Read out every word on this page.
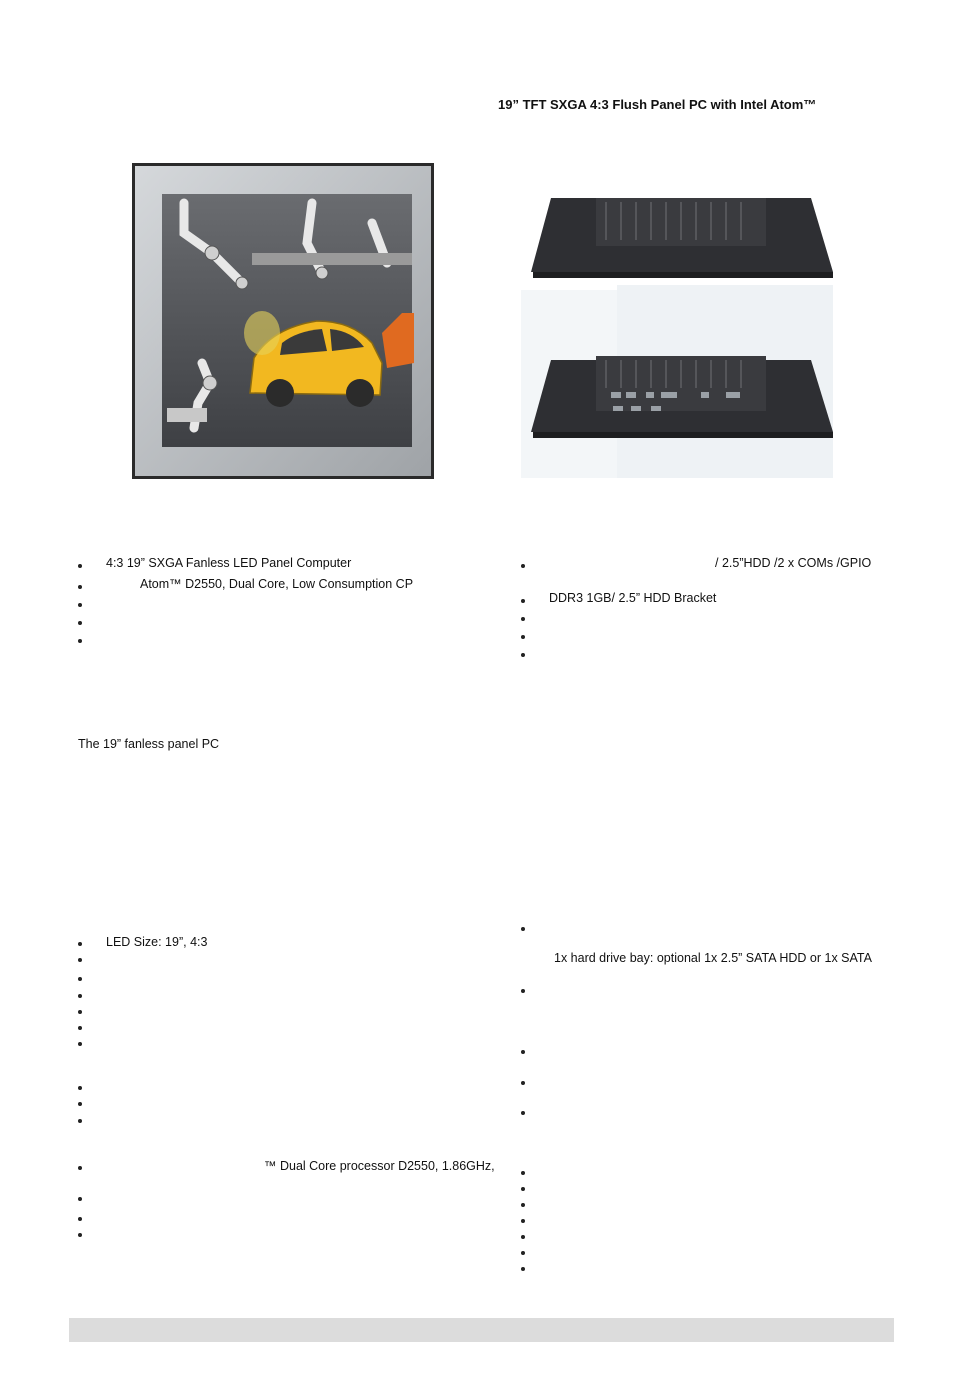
19” TFT SXGA 4:3 Flush Panel PC with Intel Atom™
4:3 19” SXGA Fanless LED Panel Computer
Atom™ D2550, Dual Core, Low Consumption CP
/ 2.5”HDD /2 x COMs /GPIO
DDR3 1GB/ 2.5” HDD Bracket
The 19” fanless panel PC
LED Size: 19”, 4:3
™ Dual Core processor D2550, 1.86GHz,
1x hard drive bay: optional 1x 2.5” SATA HDD or 1x SATA
